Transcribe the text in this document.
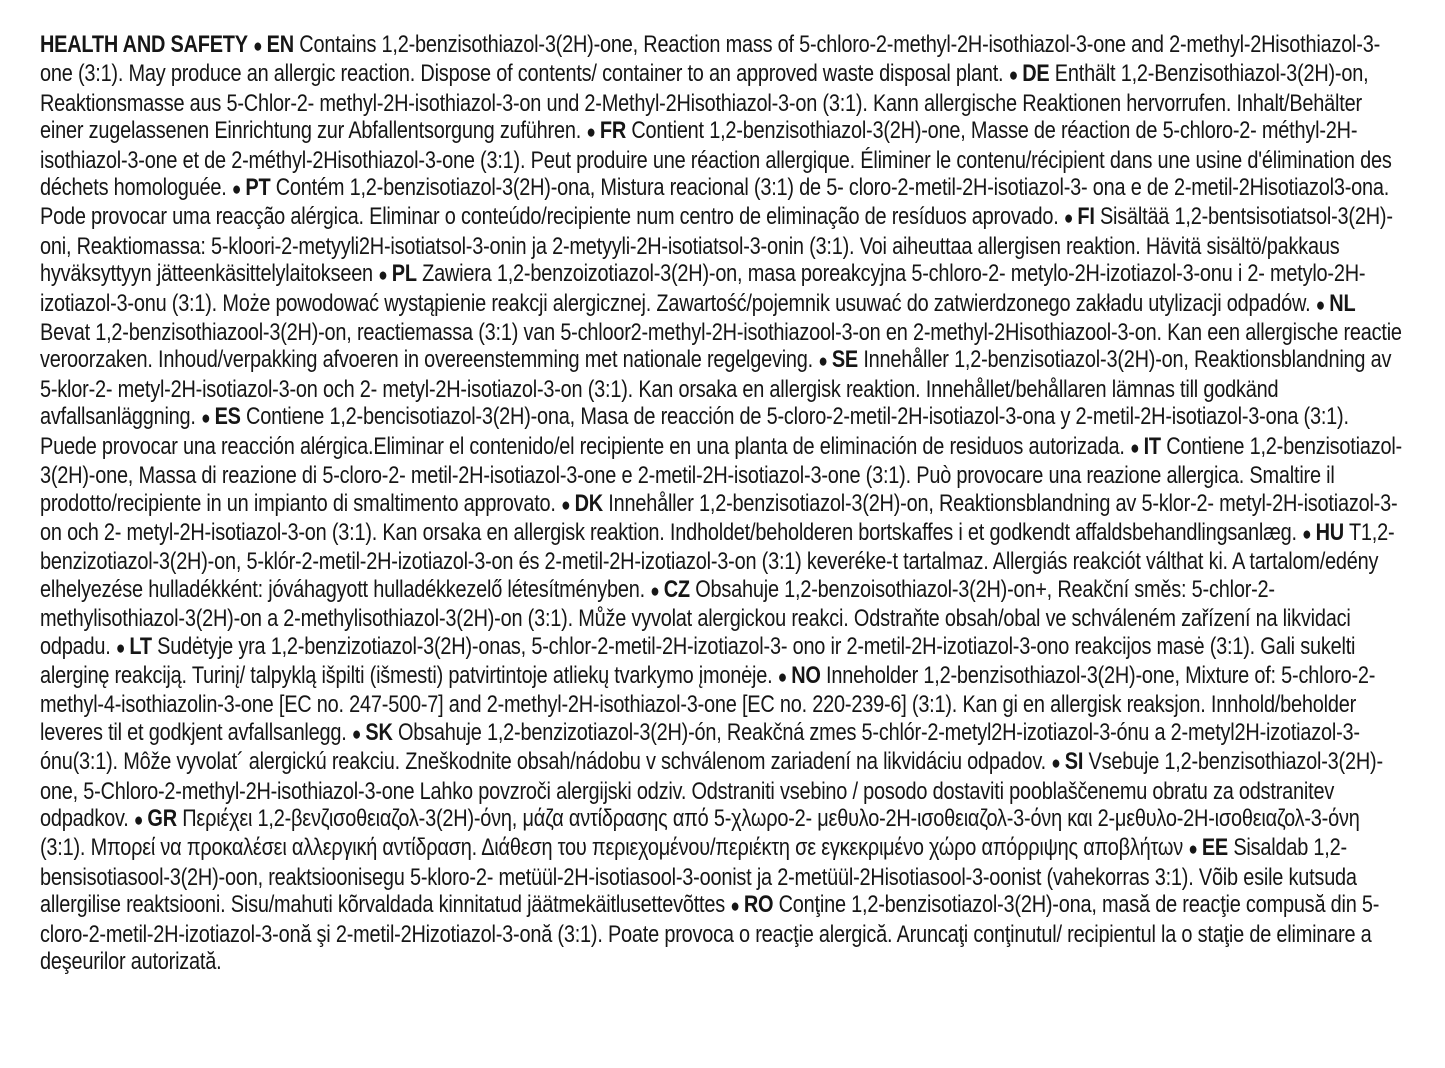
HEALTH AND SAFETY ● EN Contains 1,2-benzisothiazol-3(2H)-one, Reaction mass of 5-chloro-2-methyl-2H-isothiazol-3-one and 2-methyl-2Hisothiazol-3-one (3:1). May produce an allergic reaction. Dispose of contents/ container to an approved waste disposal plant. ● DE Enthält 1,2-Benzisothiazol-3(2H)-on, Reaktionsmasse aus 5-Chlor-2- methyl-2H-isothiazol-3-on und 2-Methyl-2Hisothiazol-3-on (3:1). Kann allergische Reaktionen hervorrufen. Inhalt/Behälter einer zugelassenen Einrichtung zur Abfallentsorgung zuführen. ● FR Contient 1,2-benzisothiazol-3(2H)-one, Masse de réaction de 5-chloro-2- méthyl-2H-isothiazol-3-one et de 2-méthyl-2Hisothiazol-3-one (3:1). Peut produire une réaction allergique. Éliminer le contenu/récipient dans une usine d'élimination des déchets homologuée. ● PT Contém 1,2-benzisotiazol-3(2H)-ona, Mistura reacional (3:1) de 5- cloro-2-metil-2H-isotiazol-3- ona e de 2-metil-2Hisotiazol3-ona. Pode provocar uma reacção alérgica. Eliminar o conteúdo/recipiente num centro de eliminação de resíduos aprovado. ● FI Sisältää 1,2-bentsisotiatsol-3(2H)-oni, Reaktiomassa: 5-kloori-2-metyyli2H-isotiatsol-3-onin ja 2-metyyli-2H-isotiatsol-3-onin (3:1). Voi aiheuttaa allergisen reaktion. Hävitä sisältö/pakkaus hyväksyttyyn jätteenkäsittelylaitokseen ● PL Zawiera 1,2-benzoizotiazol-3(2H)-on, masa poreakcyjna 5-chloro-2- metylo-2H-izotiazol-3-onu i 2- metylo-2H-izotiazol-3-onu (3:1). Może powodować wystąpienie reakcji alergicznej. Zawartość/pojemnik usuwać do zatwierdzonego zakładu utylizacji odpadów. ● NL Bevat 1,2-benzisothiazool-3(2H)-on, reactiemassa (3:1) van 5-chloor2-methyl-2H-isothiazool-3-on en 2-methyl-2Hisothiazool-3-on. Kan een allergische reactie veroorzaken. Inhoud/verpakking afvoeren in overeenstemming met nationale regelgeving. ● SE Innehåller 1,2-benzisotiazol-3(2H)-on, Reaktionsblandning av 5-klor-2- metyl-2H-isotiazol-3-on och 2- metyl-2H-isotiazol-3-on (3:1). Kan orsaka en allergisk reaktion. Innehållet/behållaren lämnas till godkänd avfallsanläggning. ● ES Contiene 1,2-bencisotiazol-3(2H)-ona, Masa de reacción de 5-cloro-2-metil-2H-isotiazol-3-ona y 2-metil-2H-isotiazol-3-ona (3:1). Puede provocar una reacción alérgica.Eliminar el contenido/el recipiente en una planta de eliminación de residuos autorizada. ● IT Contiene 1,2-benzisotiazol-3(2H)-one, Massa di reazione di 5-cloro-2- metil-2H-isotiazol-3-one e 2-metil-2H-isotiazol-3-one (3:1). Può provocare una reazione allergica. Smaltire il prodotto/recipiente in un impianto di smaltimento approvato. ● DK Innehåller 1,2-benzisotiazol-3(2H)-on, Reaktionsblandning av 5-klor-2- metyl-2H-isotiazol-3-on och 2- metyl-2H-isotiazol-3-on (3:1). Kan orsaka en allergisk reaktion. Indholdet/beholderen bortskaffes i et godkendt affaldsbehandlingsanlæg. ● HU T1,2-benzizotiazol-3(2H)-on, 5-klór-2-metil-2H-izotiazol-3-on és 2-metil-2H-izotiazol-3-on (3:1) keveréke-t tartalmaz. Allergiás reakciót válthat ki. A tartalom/edény elhelyezése hulladékként: jóváhagyott hulladékkezelő létesítményben. ● CZ Obsahuje 1,2-benzoisothiazol-3(2H)-on+, Reakční směs: 5-chlor-2-methylisothiazol-3(2H)-on a 2-methylisothiazol-3(2H)-on (3:1). Může vyvolat alergickou reakci. Odstraňte obsah/obal ve schváleném zařízení na likvidaci odpadu. ● LT Sudėtyje yra 1,2-benzizotiazol-3(2H)-onas, 5-chlor-2-metil-2H-izotiazol-3- ono ir 2-metil-2H-izotiazol-3-ono reakcijos masė (3:1). Gali sukelti alerginę reakciją. Turinį/ talpyklą išpilti (išmesti) patvirtintoje atliekų tvarkymo įmonėje. ● NO Inneholder 1,2-benzisothiazol-3(2H)-one, Mixture of: 5-chloro-2-methyl-4-isothiazolin-3-one [EC no. 247-500-7] and 2-methyl-2H-isothiazol-3-one [EC no. 220-239-6] (3:1). Kan gi en allergisk reaksjon. Innhold/beholder leveres til et godkjent avfallsanlegg. ● SK Obsahuje 1,2-benzizotiazol-3(2H)-ón, Reakčná zmes 5-chlór-2-metyl2H-izotiazol-3-ónu a 2-metyl2H-izotiazol-3-ónu(3:1). Môže vyvolat´ alergickú reakciu. Zneškodnite obsah/nádobu v schválenom zariadení na likvidáciu odpadov. ● SI Vsebuje 1,2-benzisothiazol-3(2H)-one, 5-Chloro-2-methyl-2H-isothiazol-3-one Lahko povzroči alergijski odziv. Odstraniti vsebino / posodo dostaviti pooblaščenemu obratu za odstranitev odpadkov. ● GR Περιέχει 1,2-βενζισοθειαζολ-3(2H)-όνη, μάζα αντίδρασης από 5-χλωρο-2- μεθυλο-2H-ισοθειαζολ-3-όνη και 2-μεθυλο-2H-ισοθειαζολ-3-όνη (3:1). Μπορεί να προκαλέσει αλλεργική αντίδραση. Διάθεση του περιεχομένου/περιέκτη σε εγκεκριμένο χώρο απόρριψης αποβλήτων ● EE Sisaldab 1,2-bensisotiasool-3(2H)-oon, reaktsioonisegu 5-kloro-2- metüül-2H-isotiasool-3-oonist ja 2-metüül-2Hisotiasool-3-oonist (vahekorras 3:1). Võib esile kutsuda allergilise reaktsiooni. Sisu/mahuti kõrvaldada kinnitatud jäätmekäitlusettevõttes ● RO Conţine 1,2-benzisotiazol-3(2H)-ona, masă de reacţie compusă din 5- cloro-2-metil-2H-izotiazol-3-onă şi 2-metil-2Hizotiazol-3-onă (3:1). Poate provoca o reacţie alergică. Aruncaţi conţinutul/ recipientul la o staţie de eliminare a deşeurilor autorizată.
